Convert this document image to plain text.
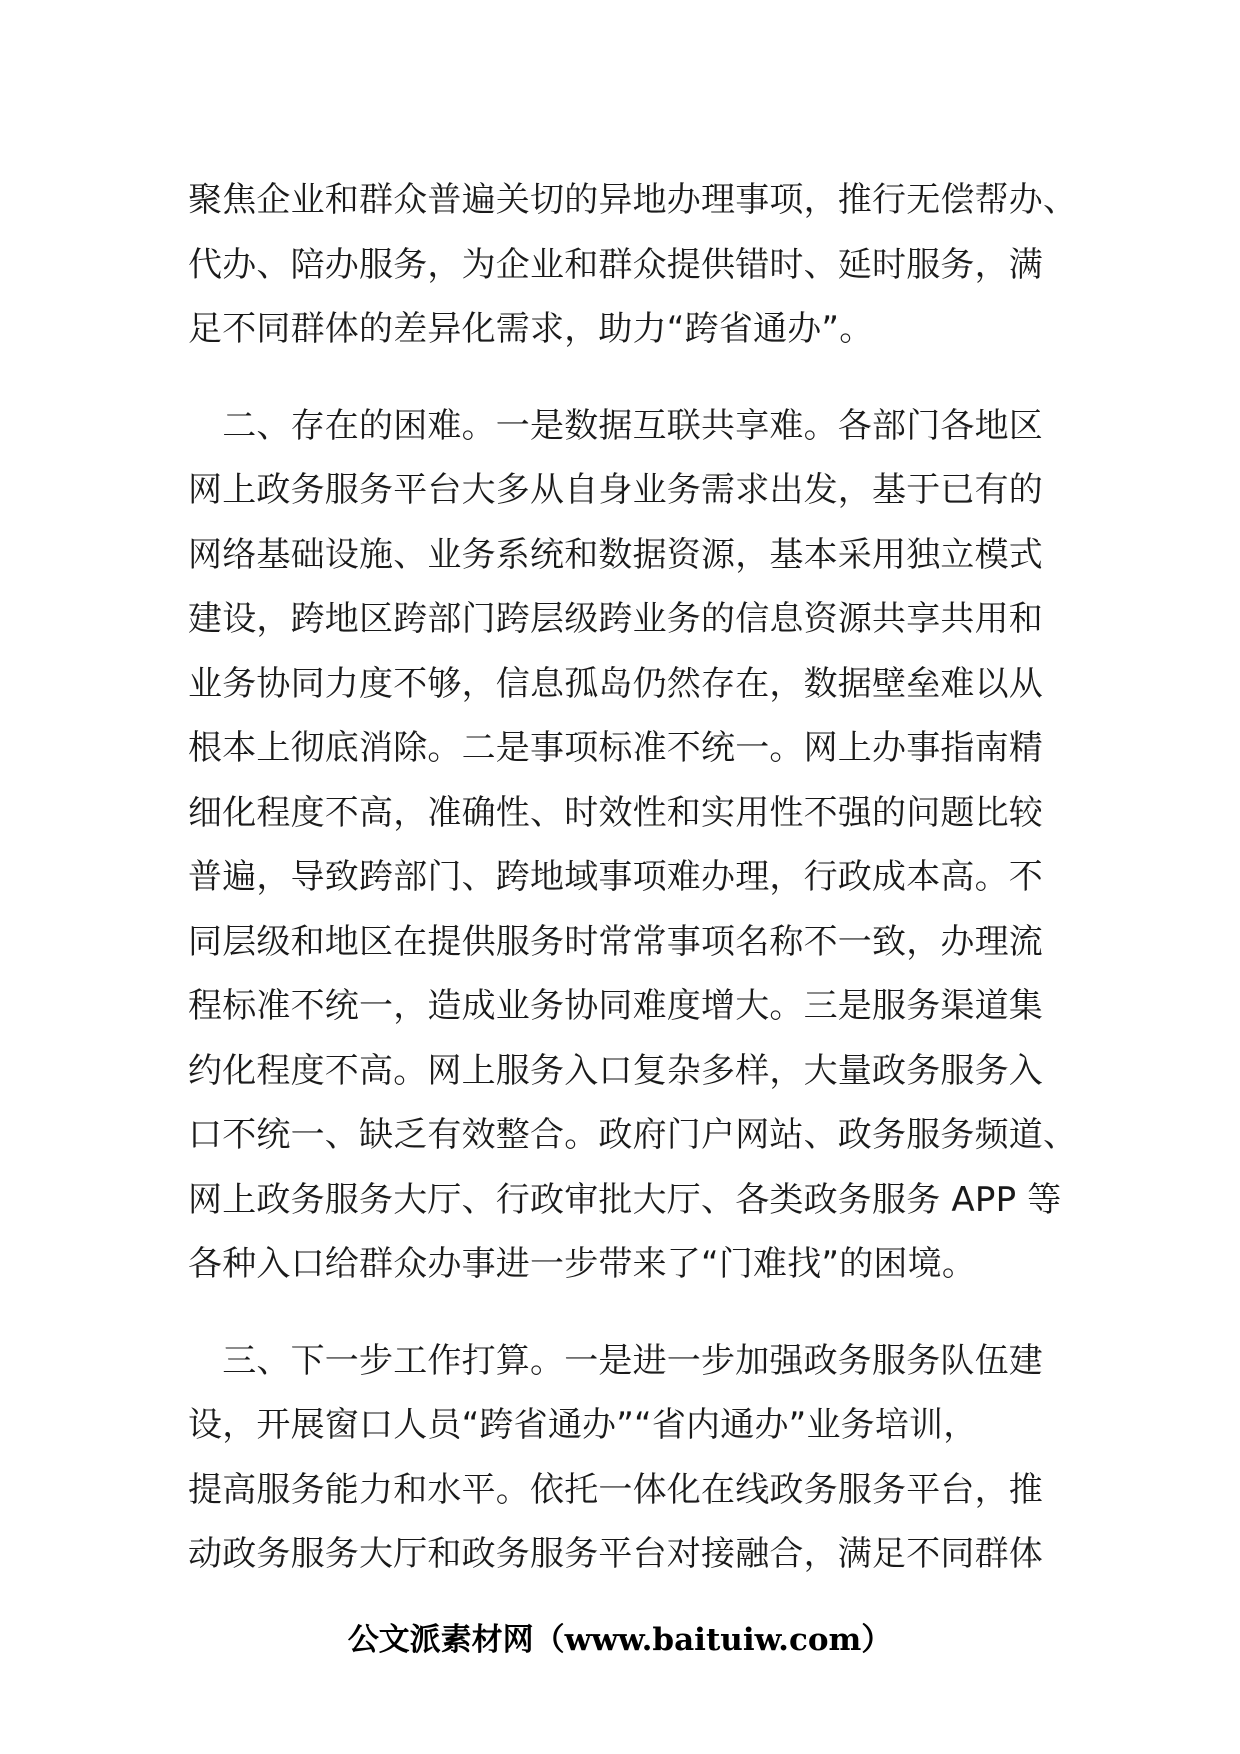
聚焦企业和群众普遍关切的异地办理事项，推行无偿帮办、
代办、陪办服务，为企业和群众提供错时、延时服务，满
足不同群体的差异化需求，助力“跨省通办”。
　二、存在的困难。一是数据互联共享难。各部门各地区
网上政务服务平台大多从自身业务需求出发，基于已有的
网络基础设施、业务系统和数据资源，基本采用独立模式
建设，跨地区跨部门跨层级跨业务的信息资源共享共用和
业务协同力度不够，信息孤岛仍然存在，数据壁垒难以从
根本上彻底消除。二是事项标准不统一。网上办事指南精
细化程度不高，准确性、时效性和实用性不强的问题比较
普遍，导致跨部门、跨地域事项难办理，行政成本高。不
同层级和地区在提供服务时常常事项名称不一致，办理流
程标准不统一，造成业务协同难度增大。三是服务渠道集
约化程度不高。网上服务入口复杂多样，大量政务服务入
口不统一、缺乏有效整合。政府门户网站、政务服务频道、
网上政务服务大厅、行政审批大厅、各类政务服务 APP 等
各种入口给群众办事进一步带来了“门难找”的困境。
　三、下一步工作打算。一是进一步加强政务服务队伍建
设，开展窗口人员“跨省通办”“省内通办”业务培训，
提高服务能力和水平。依托一体化在线政务服务平台，推
动政务服务大厅和政务服务平台对接融合，满足不同群体
公文派素材网（www.baituiw.com）
